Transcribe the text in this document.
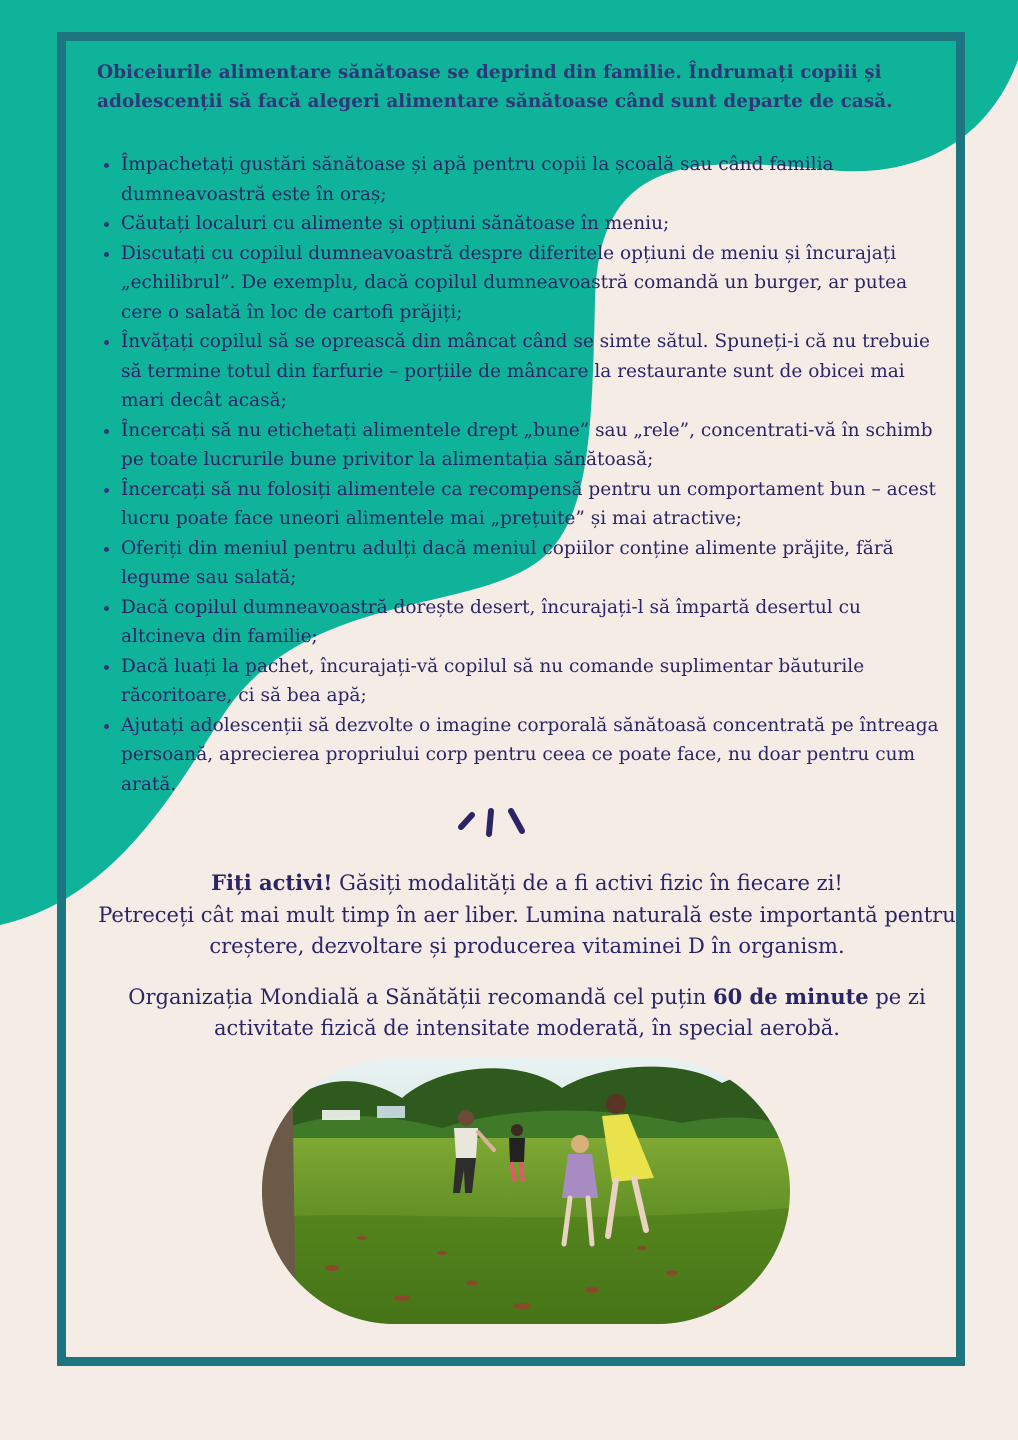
Obiceiurile alimentare sănătoase se deprind din familie. Îndrumați copiii și adolescenții să facă alegeri alimentare sănătoase când sunt departe de casă.
• Împachetați gustări sănătoase și apă pentru copii la școală sau când familia dumneavoastră este în oraș;
• Căutați localuri cu alimente și opțiuni sănătoase în meniu;
• Discutați cu copilul dumneavoastră despre diferitele opțiuni de meniu și încurajați „echilibrul”. De exemplu, dacă copilul dumneavoastră comandă un burger, ar putea cere o salată în loc de cartofi prăjiți;
• Învățați copilul să se oprească din mâncat când se simte sătul. Spuneți-i că nu trebuie să termine totul din farfurie – porțiile de mâncare la restaurante sunt de obicei mai mari decât acasă;
• Încercați să nu etichetați alimentele drept „bune” sau „rele”, concentrati-vă în schimb pe toate lucrurile bune privitor la alimentația sănătoasă;
• Încercați să nu folosiți alimentele ca recompensă pentru un comportament bun – acest lucru poate face uneori alimentele mai „prețuite” și mai atractive;
• Oferiți din meniul pentru adulți dacă meniul copiilor conține alimente prăjite, fără legume sau salată;
• Dacă copilul dumneavoastră dorește desert, încurajați-l să împartă desertul cu altcineva din familie;
• Dacă luați la pachet, încurajați-vă copilul să nu comande suplimentar băuturile răcoritoare, ci să bea apă;
• Ajutați adolescenții să dezvolte o imagine corporală sănătoasă concentrată pe întreaga persoană, aprecierea propriului corp pentru ceea ce poate face, nu doar pentru cum arată.

Fiți activi! Găsiți modalități de a fi activi fizic în fiecare zi!
Petreceți cât mai mult timp în aer liber. Lumina naturală este importantă pentru creștere, dezvoltare și producerea vitaminei D în organism.

Organizația Mondială a Sănătății recomandă cel puțin 60 de minute pe zi activitate fizică de intensitate moderată, în special aerobă.
